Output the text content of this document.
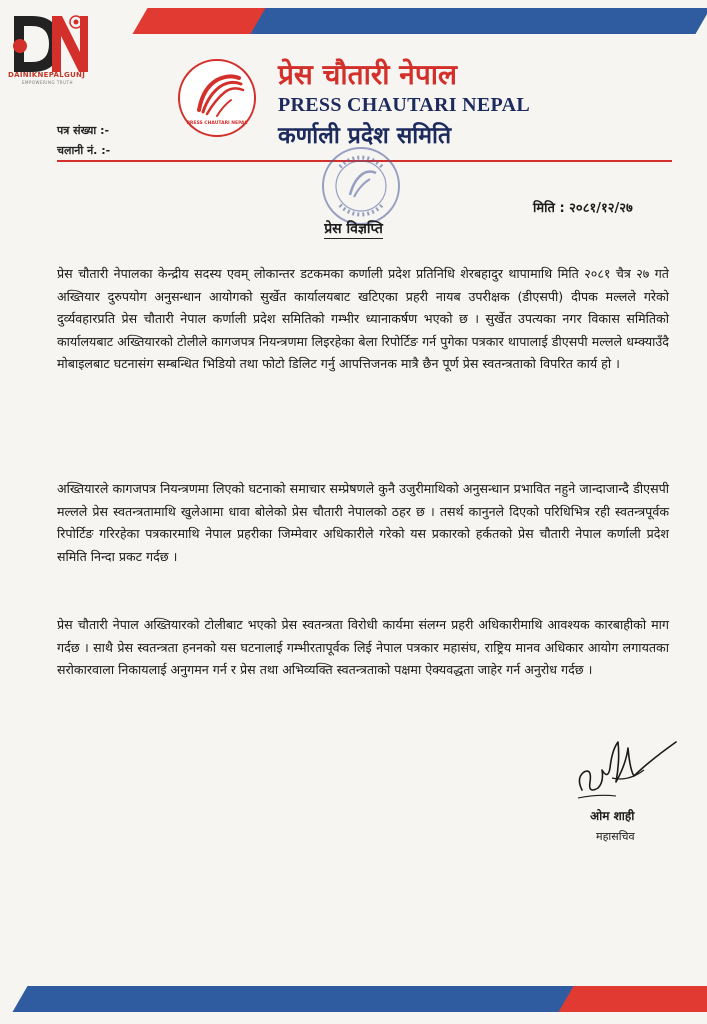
DAINIKNEPALGUNJ
EMPOWERING TRUTH
PRESS CHAUTARI NEPAL
प्रेस चौतारी नेपाल
PRESS CHAUTARI NEPAL
कर्णाली प्रदेश समिति
पत्र संख्या :-
चलानी नं. :-
मिति : २०८१/१२/२७
प्रेस विज्ञप्ति
प्रेस चौतारी नेपालका केन्द्रीय सदस्य एवम् लोकान्तर डटकमका कर्णाली प्रदेश प्रतिनिधि शेरबहादुर थापामाथि मिति २०८१ चैत्र २७ गते अख्तियार दुरुपयोग अनुसन्धान आयोगको सुर्खेत कार्यालयबाट खटिएका प्रहरी नायब उपरीक्षक (डीएसपी) दीपक मल्लले गरेको दुर्व्यवहारप्रति प्रेस चौतारी नेपाल कर्णाली प्रदेश समितिको गम्भीर ध्यानाकर्षण भएको छ । सुर्खेत उपत्यका नगर विकास समितिको कार्यालयबाट अख्तियारको टोलीले कागजपत्र नियन्त्रणमा लिइरहेका बेला रिपोर्टिङ गर्न पुगेका पत्रकार थापालाई डीएसपी मल्लले धम्क्याउँदै मोबाइलबाट घटनासंग सम्बन्धित भिडियो तथा फोटो डिलिट गर्नु आपत्तिजनक मात्रै छैन पूर्ण प्रेस स्वतन्त्रताको विपरित कार्य हो ।
अख्तियारले कागजपत्र नियन्त्रणमा लिएको घटनाको समाचार सम्प्रेषणले कुनै उजुरीमाथिको अनुसन्धान प्रभावित नहुने जान्दाजान्दै डीएसपी मल्लले प्रेस स्वतन्त्रतामाथि खुलेआमा धावा बोलेको प्रेस चौतारी नेपालको ठहर छ । तसर्थ कानुनले दिएको परिधिभित्र रही स्वतन्त्रपूर्वक रिपोर्टिङ गरिरहेका पत्रकारमाथि नेपाल प्रहरीका जिम्मेवार अधिकारीले गरेको यस प्रकारको हर्कतको प्रेस चौतारी नेपाल कर्णाली प्रदेश समिति निन्दा प्रकट गर्दछ ।
प्रेस चौतारी नेपाल अख्तियारको टोलीबाट भएको प्रेस स्वतन्त्रता विरोधी कार्यमा संलग्न प्रहरी अधिकारीमाथि आवश्यक कारबाहीको माग गर्दछ । साथै प्रेस स्वतन्त्रता हननको यस घटनालाई गम्भीरतापूर्वक लिई नेपाल पत्रकार महासंघ, राष्ट्रिय मानव अधिकार आयोग लगायतका सरोकारवाला निकायलाई अनुगमन गर्न र प्रेस तथा अभिव्यक्ति स्वतन्त्रताको पक्षमा ऐक्यवद्धता जाहेर गर्न अनुरोध गर्दछ ।
ओम शाही
महासचिव
